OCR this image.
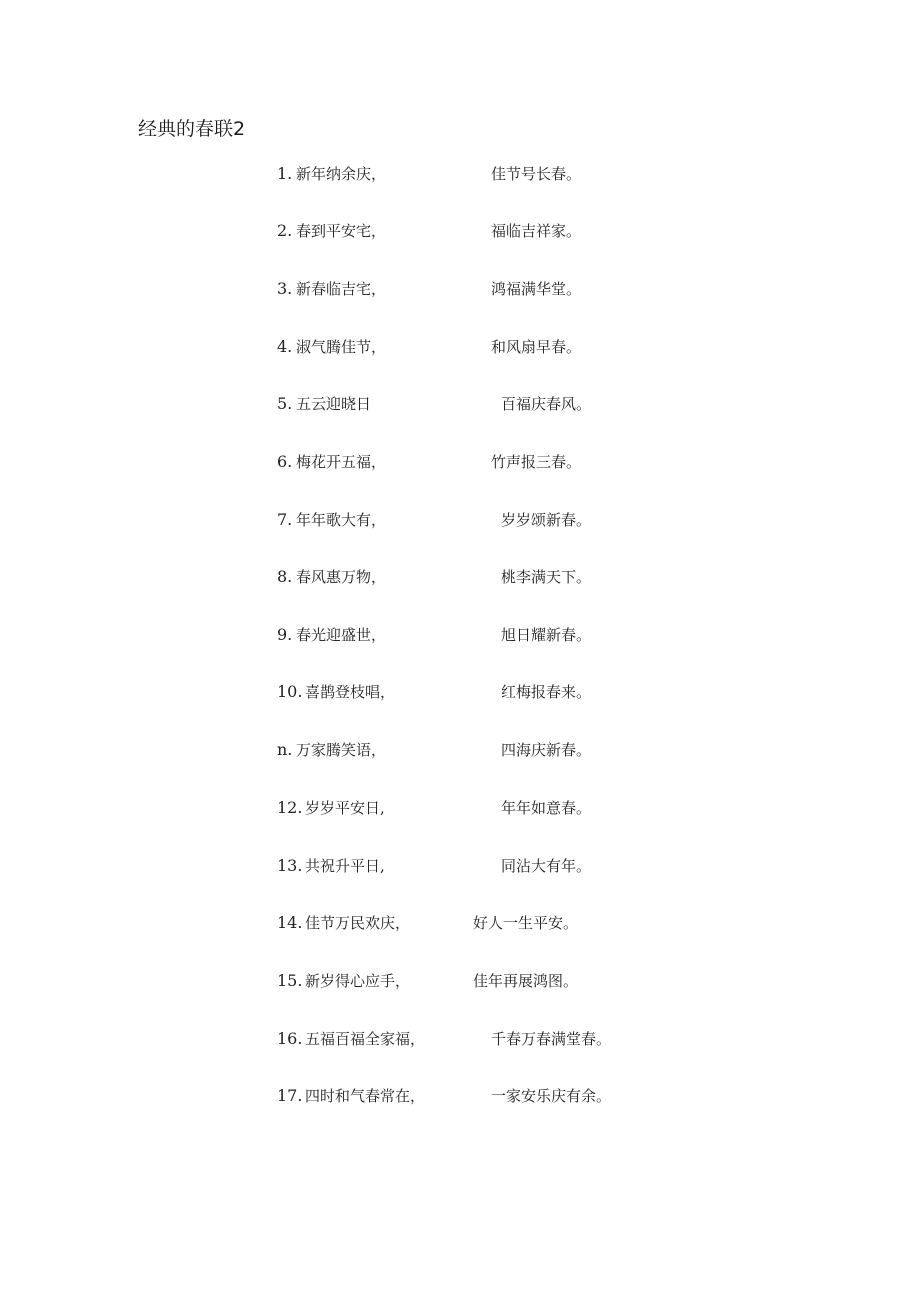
经典的春联2
1. 新年纳余庆，	佳节号长春。
2. 春到平安宅，	福临吉祥家。
3. 新春临吉宅，	鸿福满华堂。
4. 淑气腾佳节，	和风扇早春。
5. 五云迎晓日	百福庆春风。
6. 梅花开五福，	竹声报三春。
7. 年年歌大有，	岁岁颂新春。
8. 春风惠万物，	桃李满天下。
9. 春光迎盛世，	旭日耀新春。
10. 喜鹊登枝唱，	红梅报春来。
n. 万家腾笑语，	四海庆新春。
12. 岁岁平安日,	年年如意春。
13. 共祝升平日,	同沾大有年。
14. 佳节万民欢庆，	好人一生平安。
15. 新岁得心应手，	佳年再展鸿图。
16. 五福百福全家福，	千春万春满堂春。
17. 四时和气春常在，	一家安乐庆有余。
